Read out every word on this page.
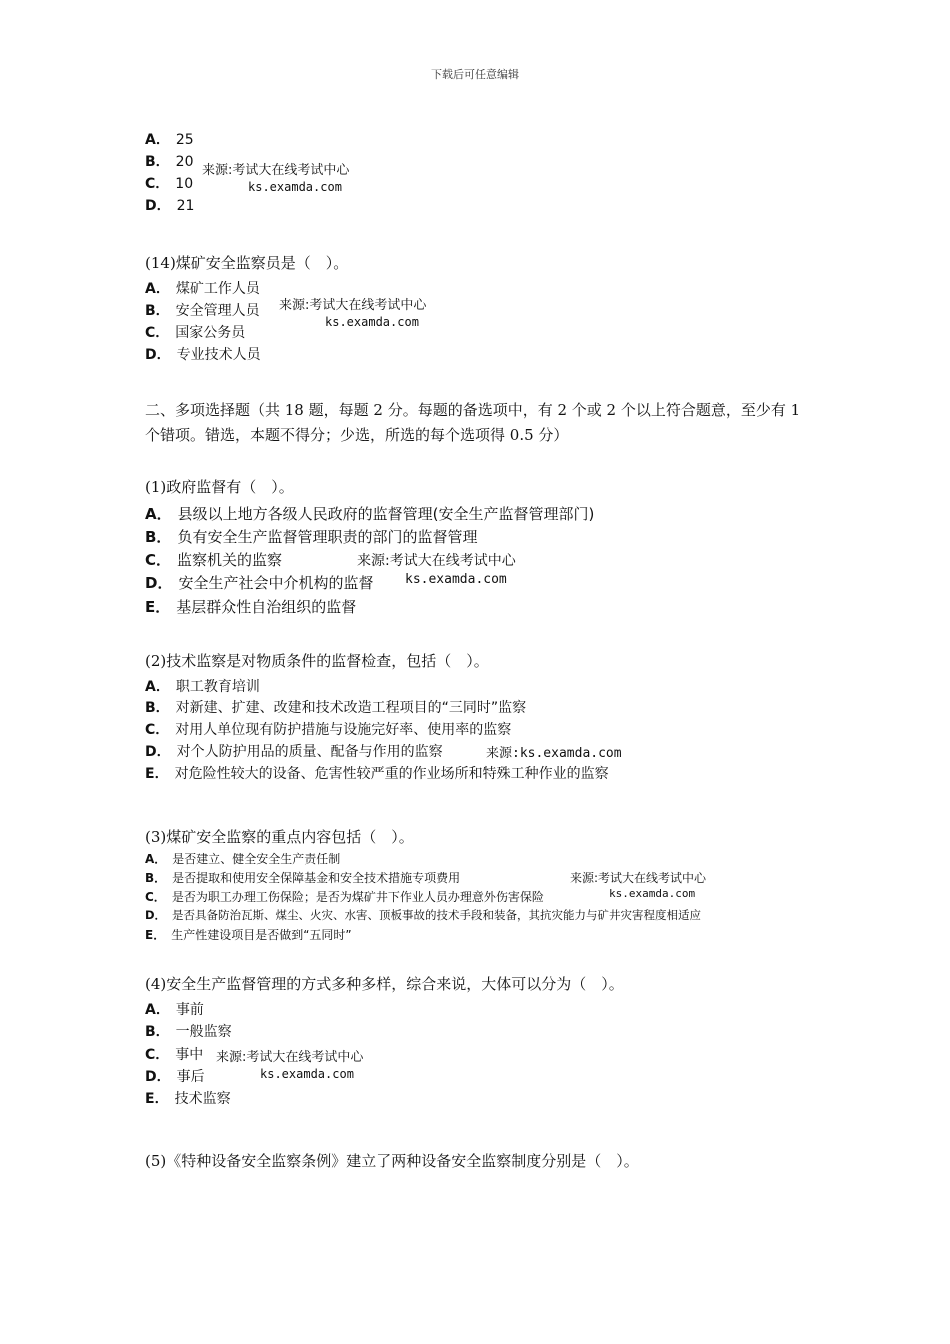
下载后可任意编辑
A． 25
B． 20
C． 10
D． 21
来源:考试大在线考试中心
ks.examda.com
(14)煤矿安全监察员是（　）。
A． 煤矿工作人员
B． 安全管理人员
C． 国家公务员
D． 专业技术人员
来源:考试大在线考试中心
ks.examda.com
二、多项选择题（共 18 题，每题 2 分。每题的备选项中，有 2 个或 2 个以上符合题意，至少有 1 个错项。错选，本题不得分；少选，所选的每个选项得 0.5 分）
(1)政府监督有（　）。
A． 县级以上地方各级人民政府的监督管理(安全生产监督管理部门)
B． 负有安全生产监督管理职责的部门的监督管理
C． 监察机关的监察
D． 安全生产社会中介机构的监督
E． 基层群众性自治组织的监督
来源:考试大在线考试中心
ks.examda.com
(2)技术监察是对物质条件的监督检查，包括（　）。
A． 职工教育培训
B． 对新建、扩建、改建和技术改造工程项目的“三同时”监察
C． 对用人单位现有防护措施与设施完好率、使用率的监察
D． 对个人防护用品的质量、配备与作用的监察
E． 对危险性较大的设备、危害性较严重的作业场所和特殊工种作业的监察
来源:ks.examda.com
(3)煤矿安全监察的重点内容包括（　）。
A． 是否建立、健全安全生产责任制
B． 是否提取和使用安全保障基金和安全技术措施专项费用
C． 是否为职工办理工伤保险；是否为煤矿井下作业人员办理意外伤害保险
D． 是否具备防治瓦斯、煤尘、火灾、水害、顶板事故的技术手段和装备，其抗灾能力与矿井灾害程度相适应
E． 生产性建设项目是否做到“五同时”
来源:考试大在线考试中心
ks.examda.com
(4)安全生产监督管理的方式多种多样，综合来说，大体可以分为（　）。
A． 事前
B． 一般监察
C． 事中
D． 事后
E． 技术监察
来源:考试大在线考试中心
ks.examda.com
(5)《特种设备安全监察条例》建立了两种设备安全监察制度分别是（　）。
